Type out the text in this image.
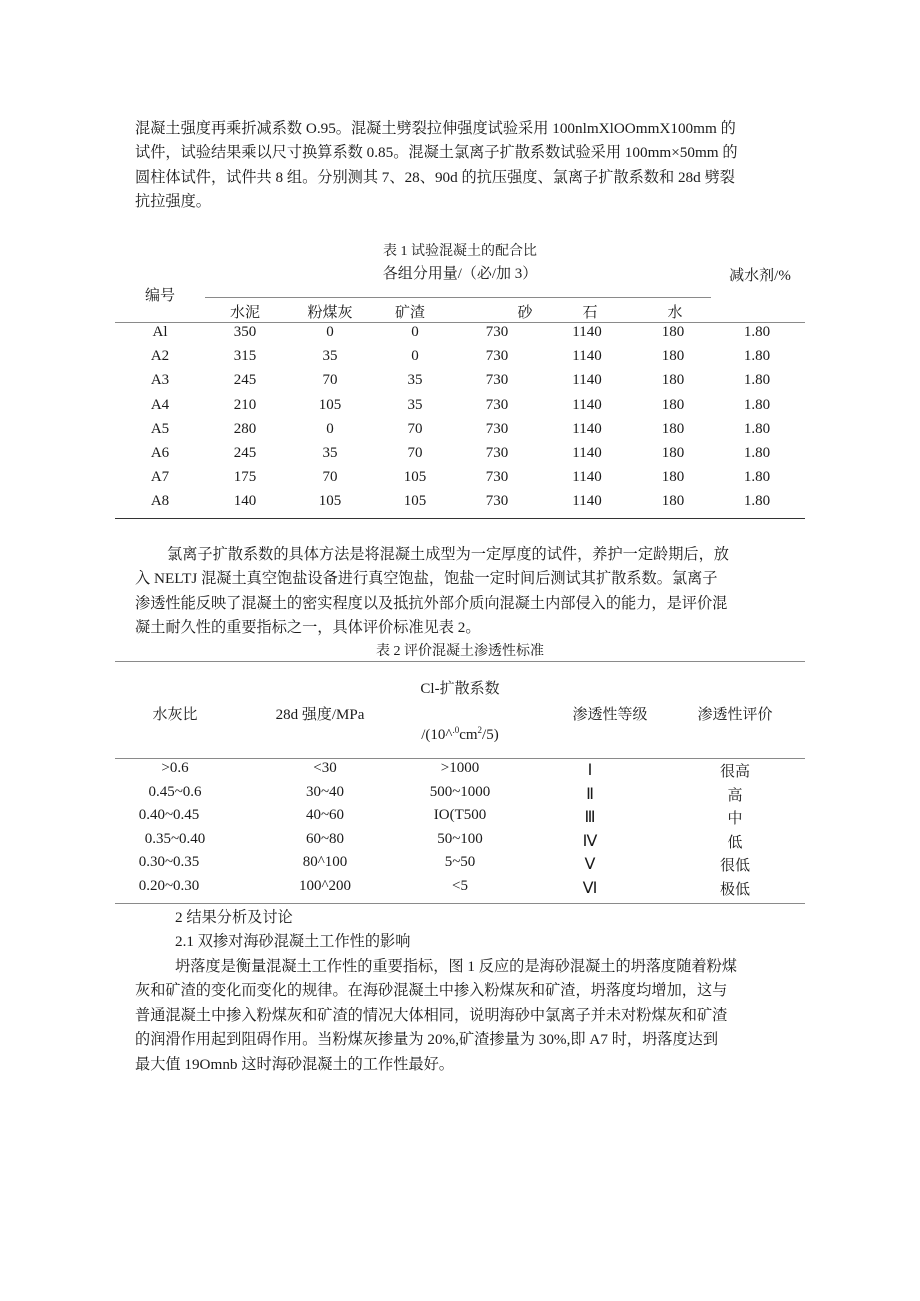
混凝土强度再乘折减系数 O.95。混凝土劈裂拉伸强度试验采用 100nlmXlOOmmX100mm 的
试件，试验结果乘以尺寸换算系数 0.85。混凝土氯离子扩散系数试验采用 100mm×50mm 的
圆柱体试件，试件共 8 组。分别测其 7、28、90d 的抗压强度、氯离子扩散系数和 28d 劈裂
抗拉强度。
表 1 试验混凝土的配合比
各组分用量/（必/加 3）
编号
减水剂/%
水泥	粉煤灰	矿渣	砂	石	水
Al	350	0	0	730	1140	180	1.80
A2	315	35	0	730	1140	180	1.80
A3	245	70	35	730	1140	180	1.80
A4	210	105	35	730	1140	180	1.80
A5	280	0	70	730	1140	180	1.80
A6	245	35	70	730	1140	180	1.80
A7	175	70	105	730	1140	180	1.80
A8	140	105	105	730	1140	180	1.80
氯离子扩散系数的具体方法是将混凝土成型为一定厚度的试件，养护一定龄期后，放
入 NELTJ 混凝土真空饱盐设备进行真空饱盐，饱盐一定时间后测试其扩散系数。氯离子
渗透性能反映了混凝土的密实程度以及抵抗外部介质向混凝土内部侵入的能力，是评价混
凝土耐久性的重要指标之一，具体评价标准见表 2。
表 2 评价混凝土渗透性标准
水灰比	28d 强度/MPa
Cl-扩散系数
$/(10\^{}^{.0}cm^2/5)$
渗透性等级	渗透性评价
>0.6	<30	>1000	Ⅰ	很高
0.45~0.6	30~40	500~1000	Ⅱ	高
0.40~0.45	40~60	IO(T500	Ⅲ	中
0.35~0.40	60~80	50~100	Ⅳ	低
0.30~0.35	80^100	5~50	Ⅴ	很低
0.20~0.30	100^200	<5	Ⅵ	极低
2 结果分析及讨论
2.1 双掺对海砂混凝土工作性的影响
坍落度是衡量混凝土工作性的重要指标，图 1 反应的是海砂混凝土的坍落度随着粉煤
灰和矿渣的变化而变化的规律。在海砂混凝土中掺入粉煤灰和矿渣，坍落度均增加，这与
普通混凝土中掺入粉煤灰和矿渣的情况大体相同，说明海砂中氯离子并未对粉煤灰和矿渣
的润滑作用起到阻碍作用。当粉煤灰掺量为 20%,矿渣掺量为 30%,即 A7 时，坍落度达到
最大值 19Omnb 这时海砂混凝土的工作性最好。
